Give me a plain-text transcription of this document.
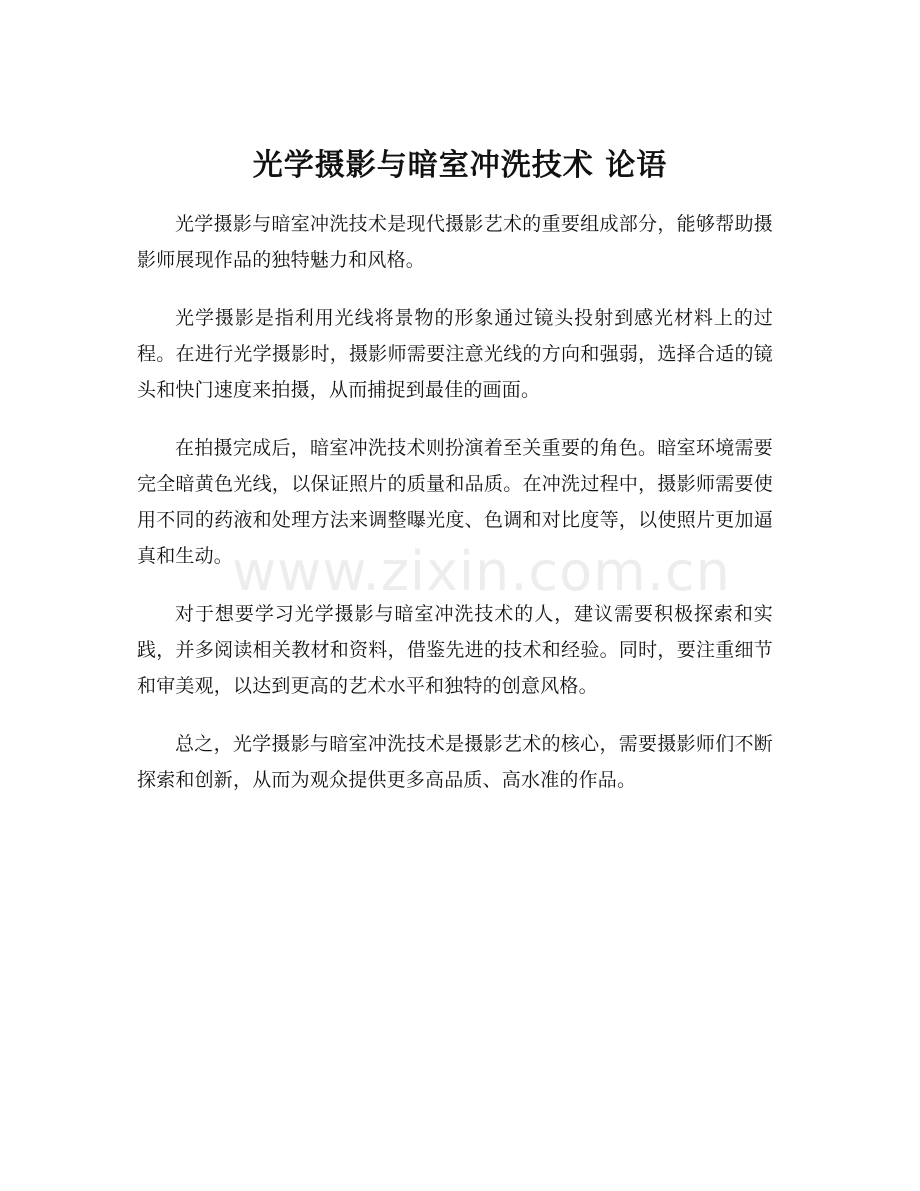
光学摄影与暗室冲洗技术 论语

光学摄影与暗室冲洗技术是现代摄影艺术的重要组成部分，能够帮助摄影师展现作品的独特魅力和风格。

光学摄影是指利用光线将景物的形象通过镜头投射到感光材料上的过程。在进行光学摄影时，摄影师需要注意光线的方向和强弱，选择合适的镜头和快门速度来拍摄，从而捕捉到最佳的画面。

在拍摄完成后，暗室冲洗技术则扮演着至关重要的角色。暗室环境需要完全暗黄色光线，以保证照片的质量和品质。在冲洗过程中，摄影师需要使用不同的药液和处理方法来调整曝光度、色调和对比度等，以使照片更加逼真和生动。

对于想要学习光学摄影与暗室冲洗技术的人，建议需要积极探索和实践，并多阅读相关教材和资料，借鉴先进的技术和经验。同时，要注重细节和审美观，以达到更高的艺术水平和独特的创意风格。

总之，光学摄影与暗室冲洗技术是摄影艺术的核心，需要摄影师们不断探索和创新，从而为观众提供更多高品质、高水准的作品。

www.zixin.com.cn
